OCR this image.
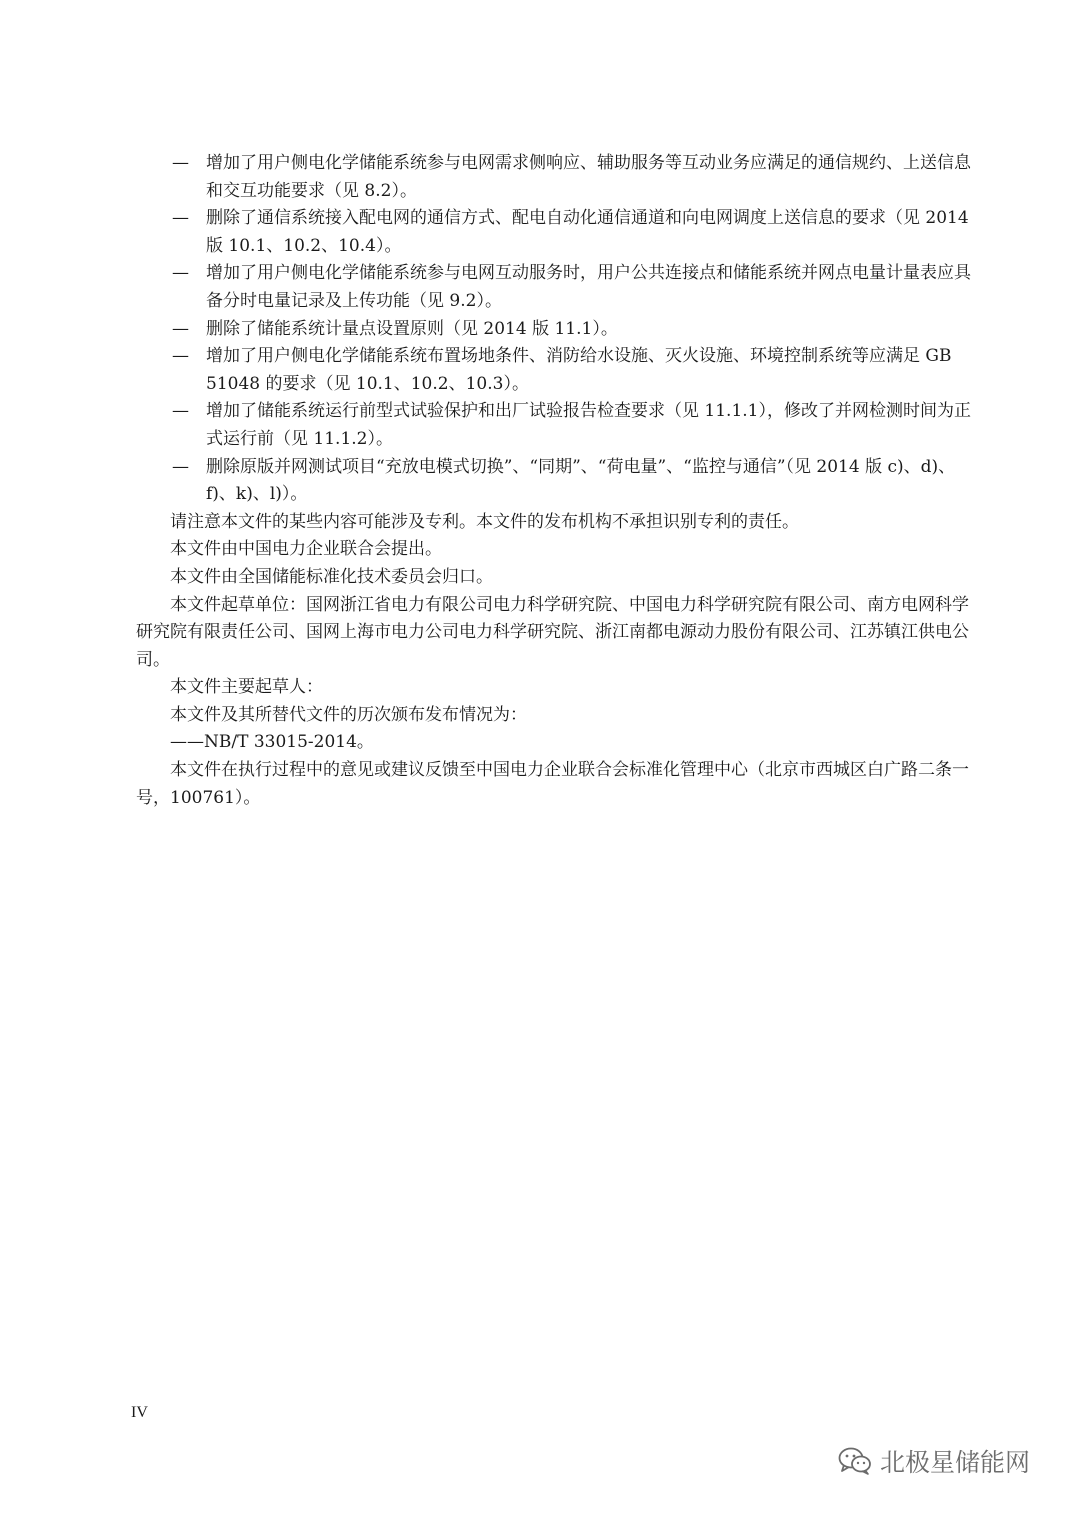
— 增加了用户侧电化学储能系统参与电网需求侧响应、辅助服务等互动业务应满足的通信规约、上送信息和交互功能要求（见 8.2）。
— 删除了通信系统接入配电网的通信方式、配电自动化通信通道和向电网调度上送信息的要求（见 2014 版 10.1、10.2、10.4）。
— 增加了用户侧电化学储能系统参与电网互动服务时，用户公共连接点和储能系统并网点电量计量表应具备分时电量记录及上传功能（见 9.2）。
— 删除了储能系统计量点设置原则（见 2014 版 11.1）。
— 增加了用户侧电化学储能系统布置场地条件、消防给水设施、灭火设施、环境控制系统等应满足 GB 51048 的要求（见 10.1、10.2、10.3）。
— 增加了储能系统运行前型式试验保护和出厂试验报告检查要求（见 11.1.1），修改了并网检测时间为正式运行前（见 11.1.2）。
— 删除原版并网测试项目“充放电模式切换”、“同期”、“荷电量”、“监控与通信”（见 2014 版 c)、d)、f)、k)、l)）。
请注意本文件的某些内容可能涉及专利。本文件的发布机构不承担识别专利的责任。
本文件由中国电力企业联合会提出。
本文件由全国储能标准化技术委员会归口。
本文件起草单位：国网浙江省电力有限公司电力科学研究院、中国电力科学研究院有限公司、南方电网科学研究院有限责任公司、国网上海市电力公司电力科学研究院、浙江南都电源动力股份有限公司、江苏镇江供电公司。
本文件主要起草人：
本文件及其所替代文件的历次颁布发布情况为：
——NB/T 33015-2014。
本文件在执行过程中的意见或建议反馈至中国电力企业联合会标准化管理中心（北京市西城区白广路二条一号，100761）。
IV
北极星储能网
